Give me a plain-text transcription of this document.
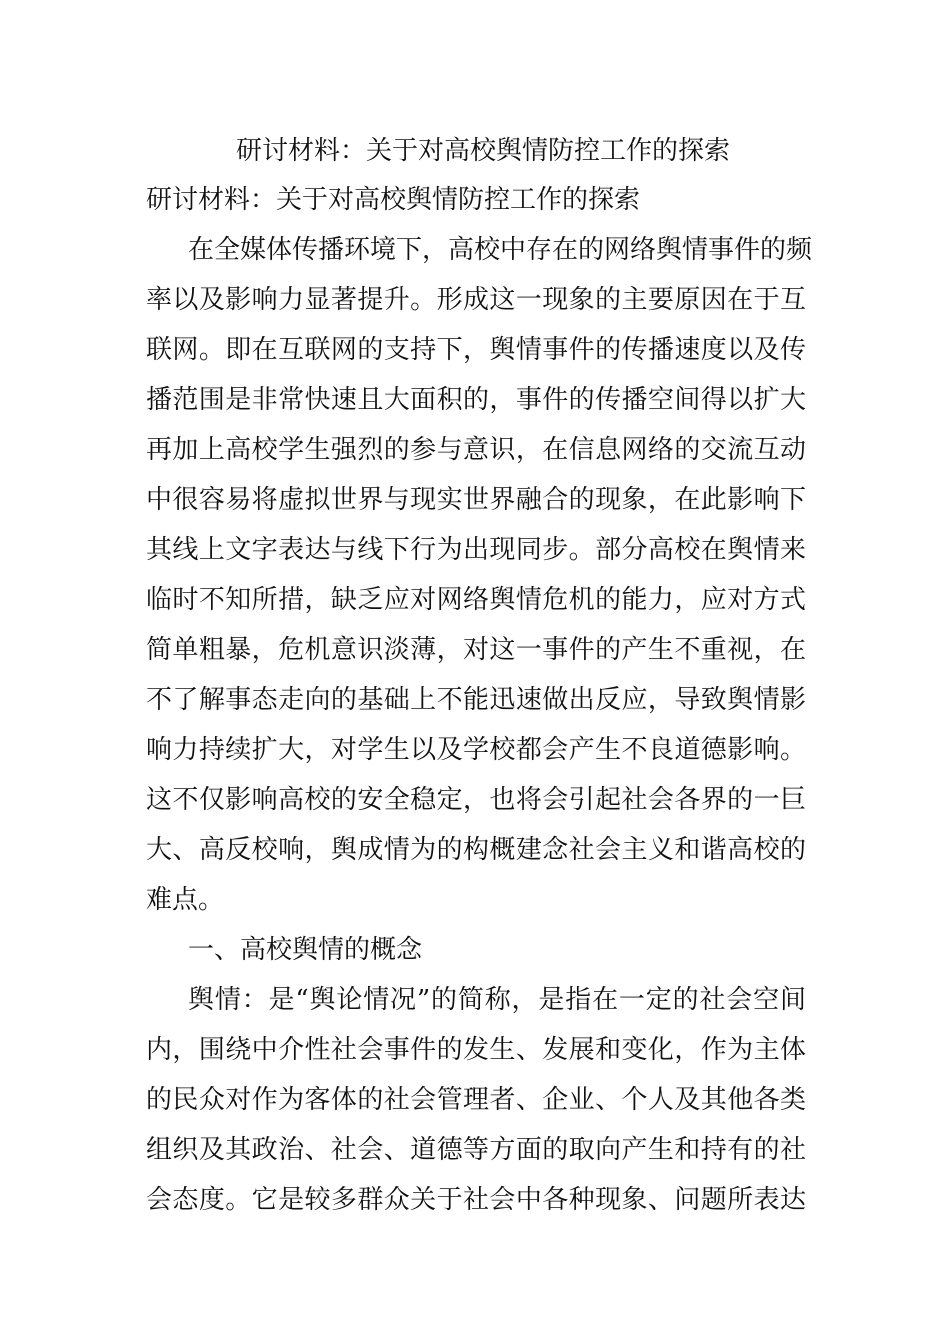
研讨材料：关于对高校舆情防控工作的探索
研讨材料：关于对高校舆情防控工作的探索
在全媒体传播环境下，高校中存在的网络舆情事件的频
率以及影响力显著提升。形成这一现象的主要原因在于互
联网。即在互联网的支持下，舆情事件的传播速度以及传
播范围是非常快速且大面积的，事件的传播空间得以扩大
再加上高校学生强烈的参与意识，在信息网络的交流互动
中很容易将虚拟世界与现实世界融合的现象，在此影响下
其线上文字表达与线下行为出现同步。部分高校在舆情来
临时不知所措，缺乏应对网络舆情危机的能力，应对方式
简单粗暴，危机意识淡薄，对这一事件的产生不重视，在
不了解事态走向的基础上不能迅速做出反应，导致舆情影
响力持续扩大，对学生以及学校都会产生不良道德影响。
这不仅影响高校的安全稳定，也将会引起社会各界的一巨
大、高反校响，舆成情为的构概建念社会主义和谐高校的
难点。
一、高校舆情的概念
舆情：是“舆论情况”的简称，是指在一定的社会空间
内，围绕中介性社会事件的发生、发展和变化，作为主体
的民众对作为客体的社会管理者、企业、个人及其他各类
组织及其政治、社会、道德等方面的取向产生和持有的社
会态度。它是较多群众关于社会中各种现象、问题所表达
